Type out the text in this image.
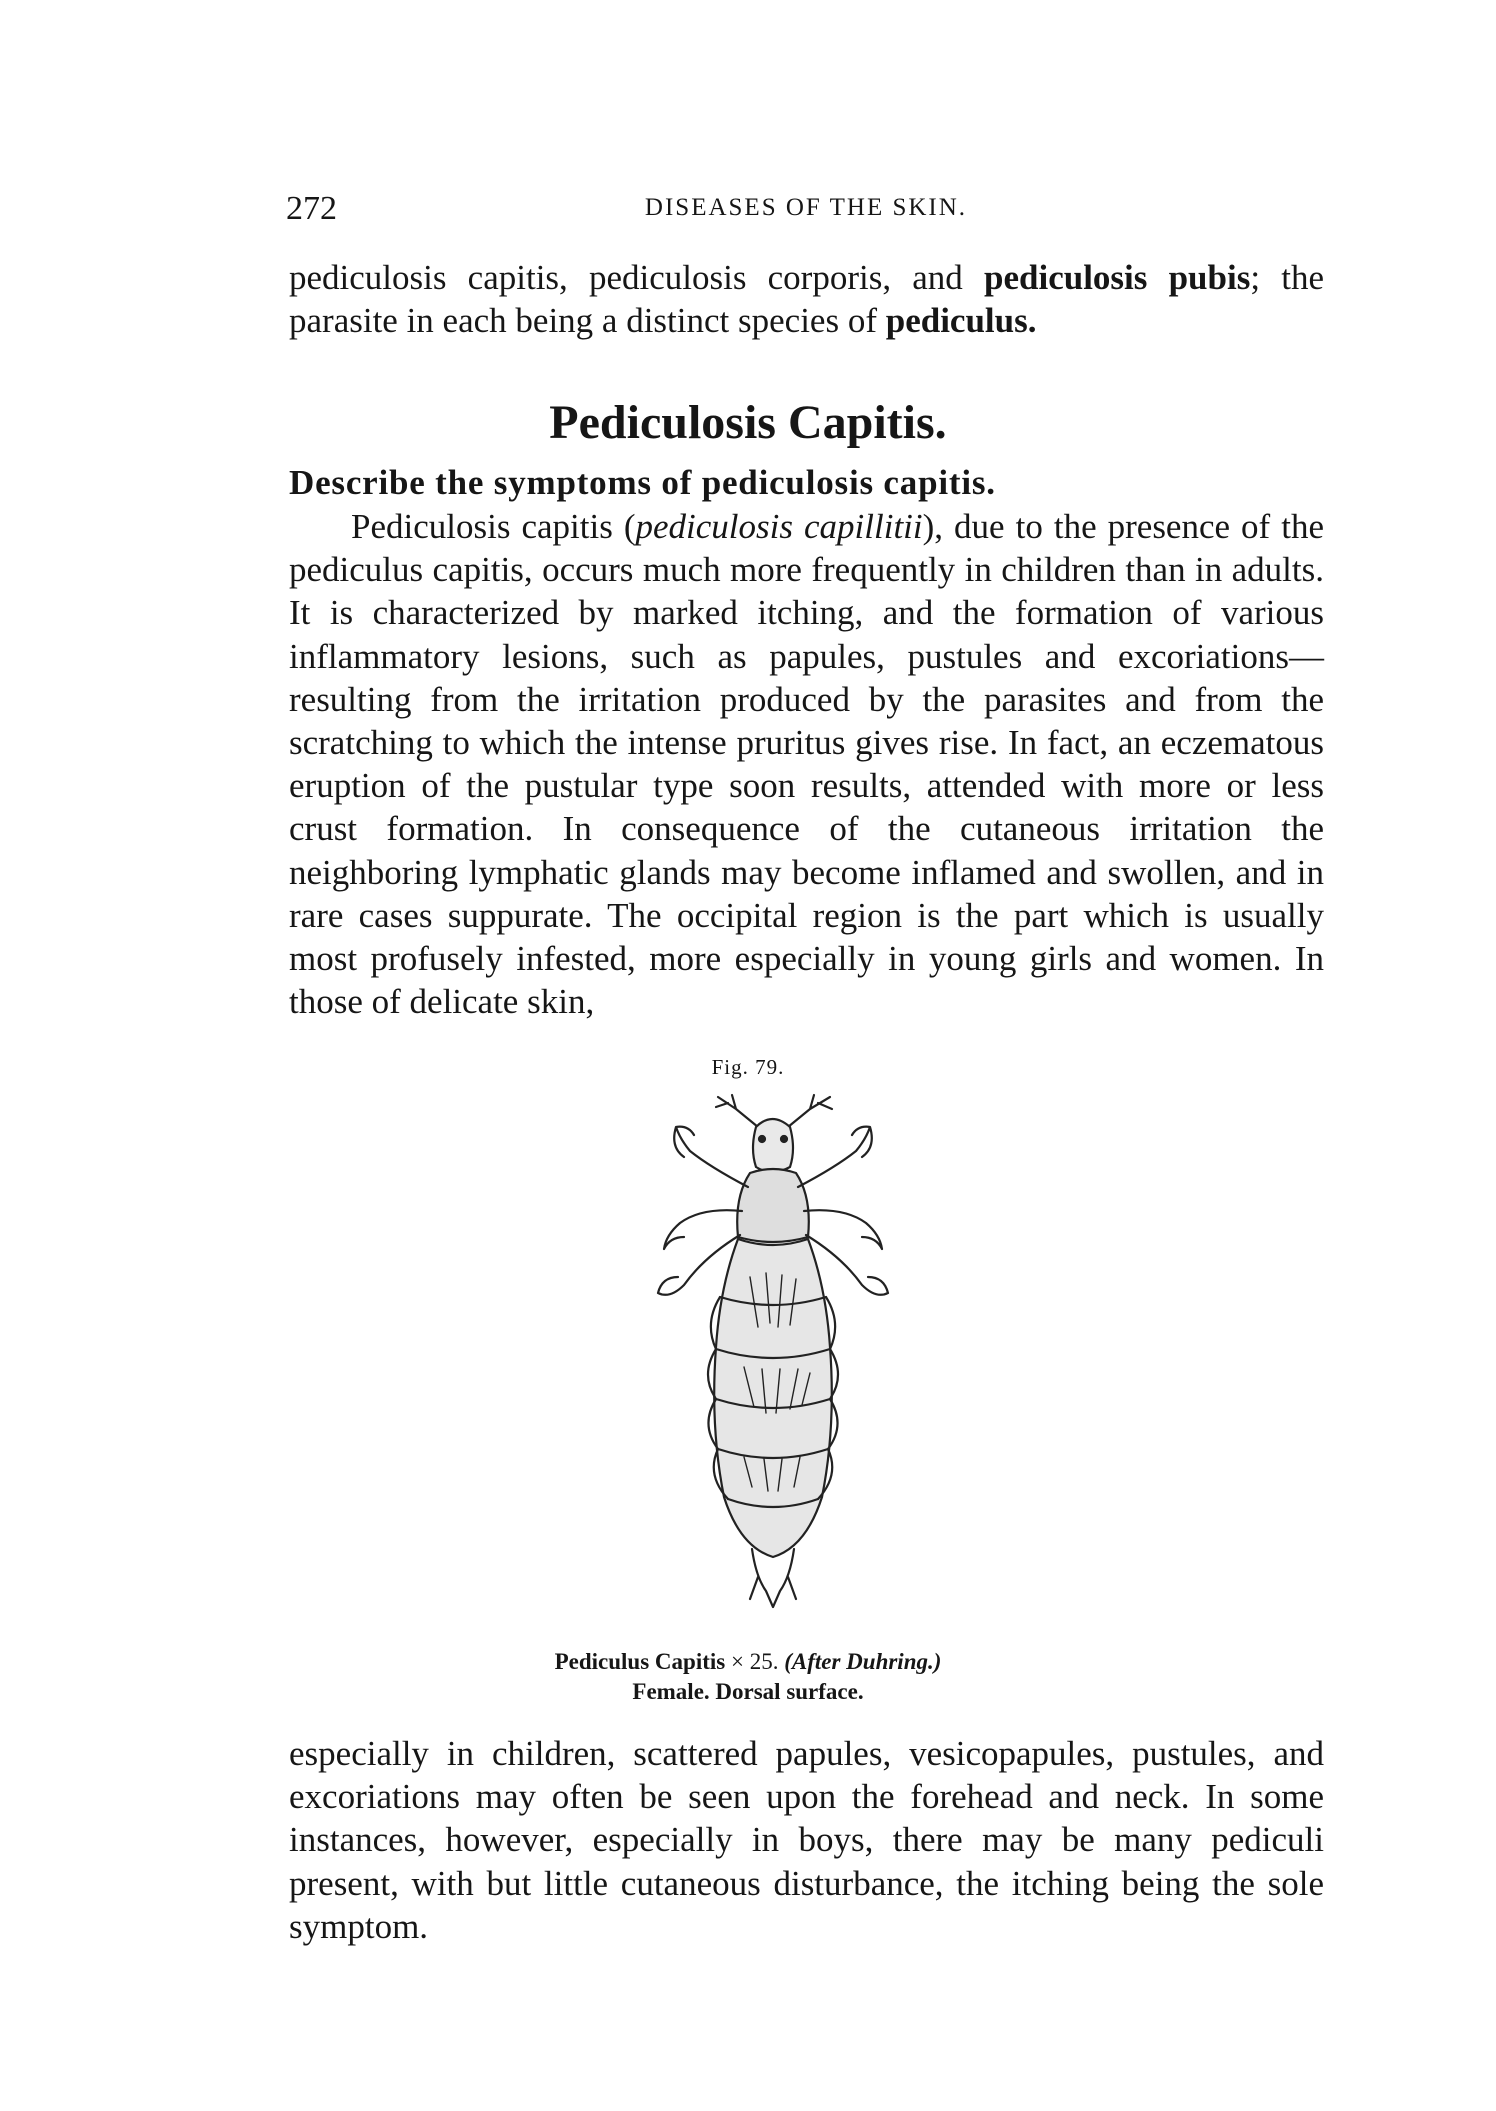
272	DISEASES OF THE SKIN.

pediculosis capitis, pediculosis corporis, and pediculosis pubis; the parasite in each being a distinct species of pediculus.

Pediculosis Capitis.
Describe the symptoms of pediculosis capitis.

Pediculosis capitis (pediculosis capillitii), due to the presence of the pediculus capitis, occurs much more frequently in children than in adults. It is characterized by marked itching, and the formation of various inflammatory lesions, such as papules, pustules and excoriations—resulting from the irritation produced by the parasites and from the scratching to which the intense pruritus gives rise. In fact, an eczematous eruption of the pustular type soon results, attended with more or less crust formation. In consequence of the cutaneous irritation the neighboring lymphatic glands may become inflamed and swollen, and in rare cases suppurate. The occipital region is the part which is usually most profusely infested, more especially in young girls and women. In those of delicate skin,

Fig. 79.
Pediculus Capitis × 25. (After Duhring.)
Female. Dorsal surface.

especially in children, scattered papules, vesicopapules, pustules, and excoriations may often be seen upon the forehead and neck. In some instances, however, especially in boys, there may be many pediculi present, with but little cutaneous disturbance, the itching being the sole symptom.
